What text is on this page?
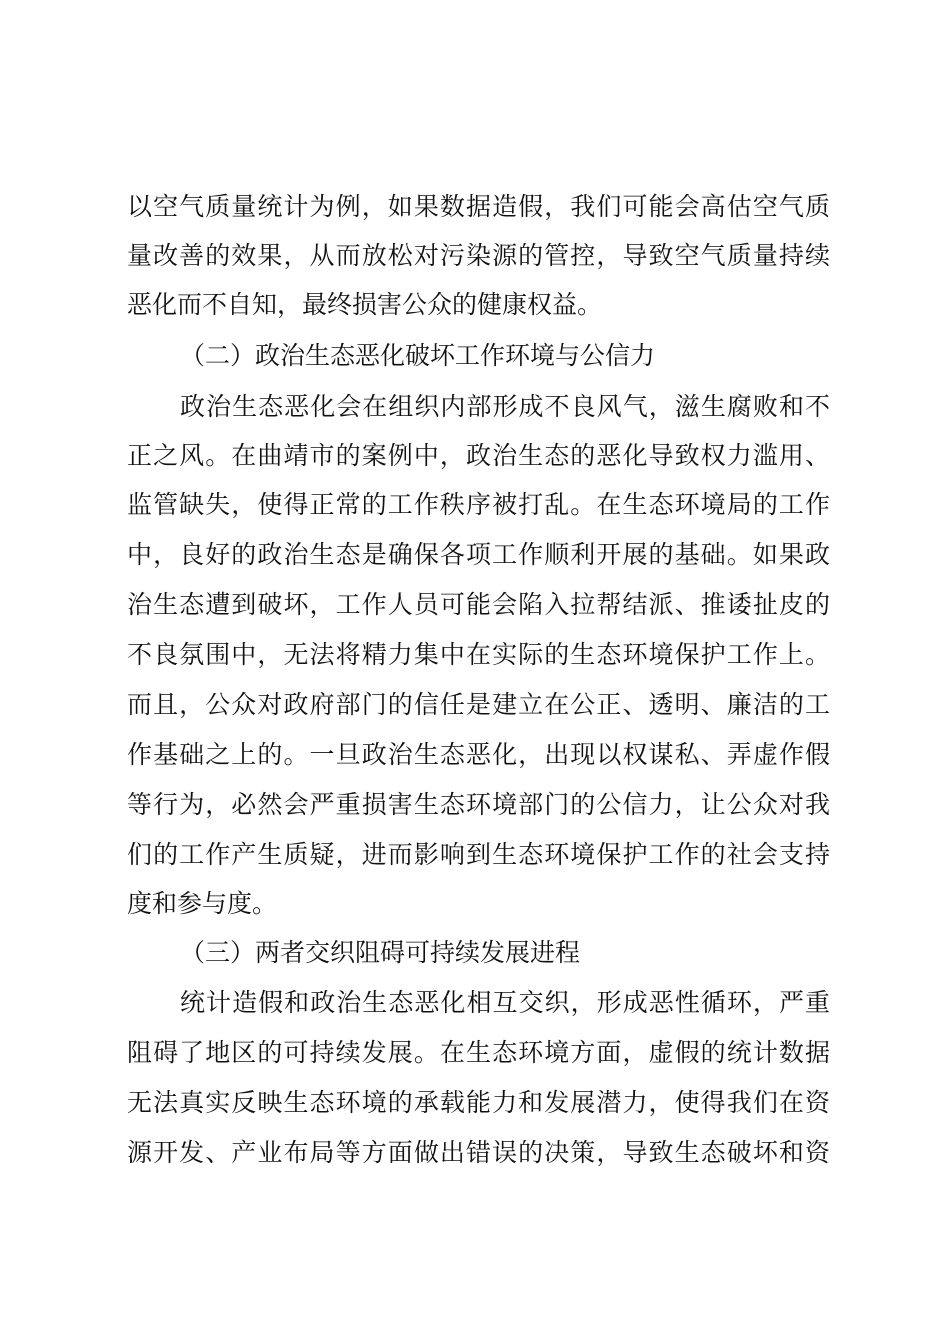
以空气质量统计为例，如果数据造假，我们可能会高估空气质
量改善的效果，从而放松对污染源的管控，导致空气质量持续
恶化而不自知，最终损害公众的健康权益。
（二）政治生态恶化破坏工作环境与公信力
政治生态恶化会在组织内部形成不良风气，滋生腐败和不
正之风。在曲靖市的案例中，政治生态的恶化导致权力滥用、
监管缺失，使得正常的工作秩序被打乱。在生态环境局的工作
中，良好的政治生态是确保各项工作顺利开展的基础。如果政
治生态遭到破坏，工作人员可能会陷入拉帮结派、推诿扯皮的
不良氛围中，无法将精力集中在实际的生态环境保护工作上。
而且，公众对政府部门的信任是建立在公正、透明、廉洁的工
作基础之上的。一旦政治生态恶化，出现以权谋私、弄虚作假
等行为，必然会严重损害生态环境部门的公信力，让公众对我
们的工作产生质疑，进而影响到生态环境保护工作的社会支持
度和参与度。
（三）两者交织阻碍可持续发展进程
统计造假和政治生态恶化相互交织，形成恶性循环，严重
阻碍了地区的可持续发展。在生态环境方面，虚假的统计数据
无法真实反映生态环境的承载能力和发展潜力，使得我们在资
源开发、产业布局等方面做出错误的决策，导致生态破坏和资
